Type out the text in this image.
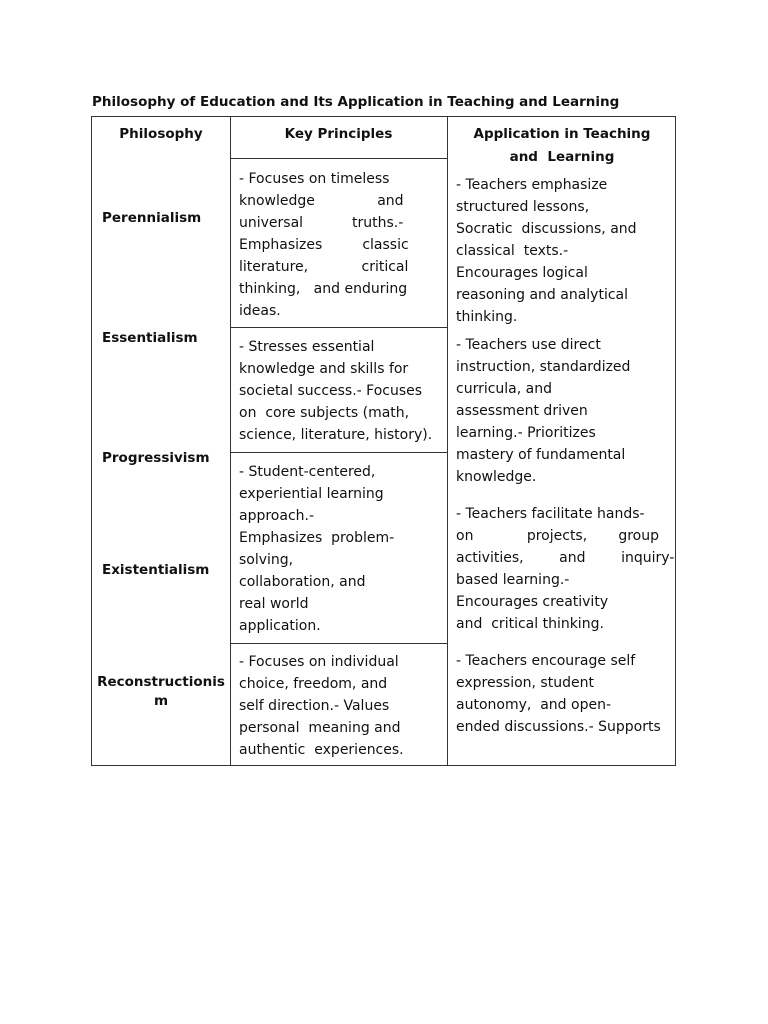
Philosophy of Education and Its Application in Teaching and Learning
Philosophy	Key Principles	Application in Teaching
and  Learning
Perennialism
Essentialism
Progressivism
Existentialism
Reconstructionis
m
- Focuses on timeless
knowledge              and
universal           truths.-
Emphasizes         classic
literature,            critical
thinking,   and enduring
ideas.
- Stresses essential
knowledge and skills for
societal success.- Focuses
on  core subjects (math,
science, literature, history).
- Student-centered,
experiential learning
approach.-
Emphasizes  problem-
solving,
collaboration, and
real world
application.
- Focuses on individual
choice, freedom, and
self direction.- Values
personal  meaning and
authentic  experiences.
- Teachers emphasize
structured lessons,
Socratic  discussions, and
classical  texts.-
Encourages logical
reasoning and analytical
thinking.
- Teachers use direct
instruction, standardized
curricula, and
assessment driven
learning.- Prioritizes
mastery of fundamental
knowledge.
- Teachers facilitate hands-
on            projects,       group
activities,        and        inquiry-
based learning.-
Encourages creativity
and  critical thinking.
- Teachers encourage self
expression, student
autonomy,  and open-
ended discussions.- Supports
